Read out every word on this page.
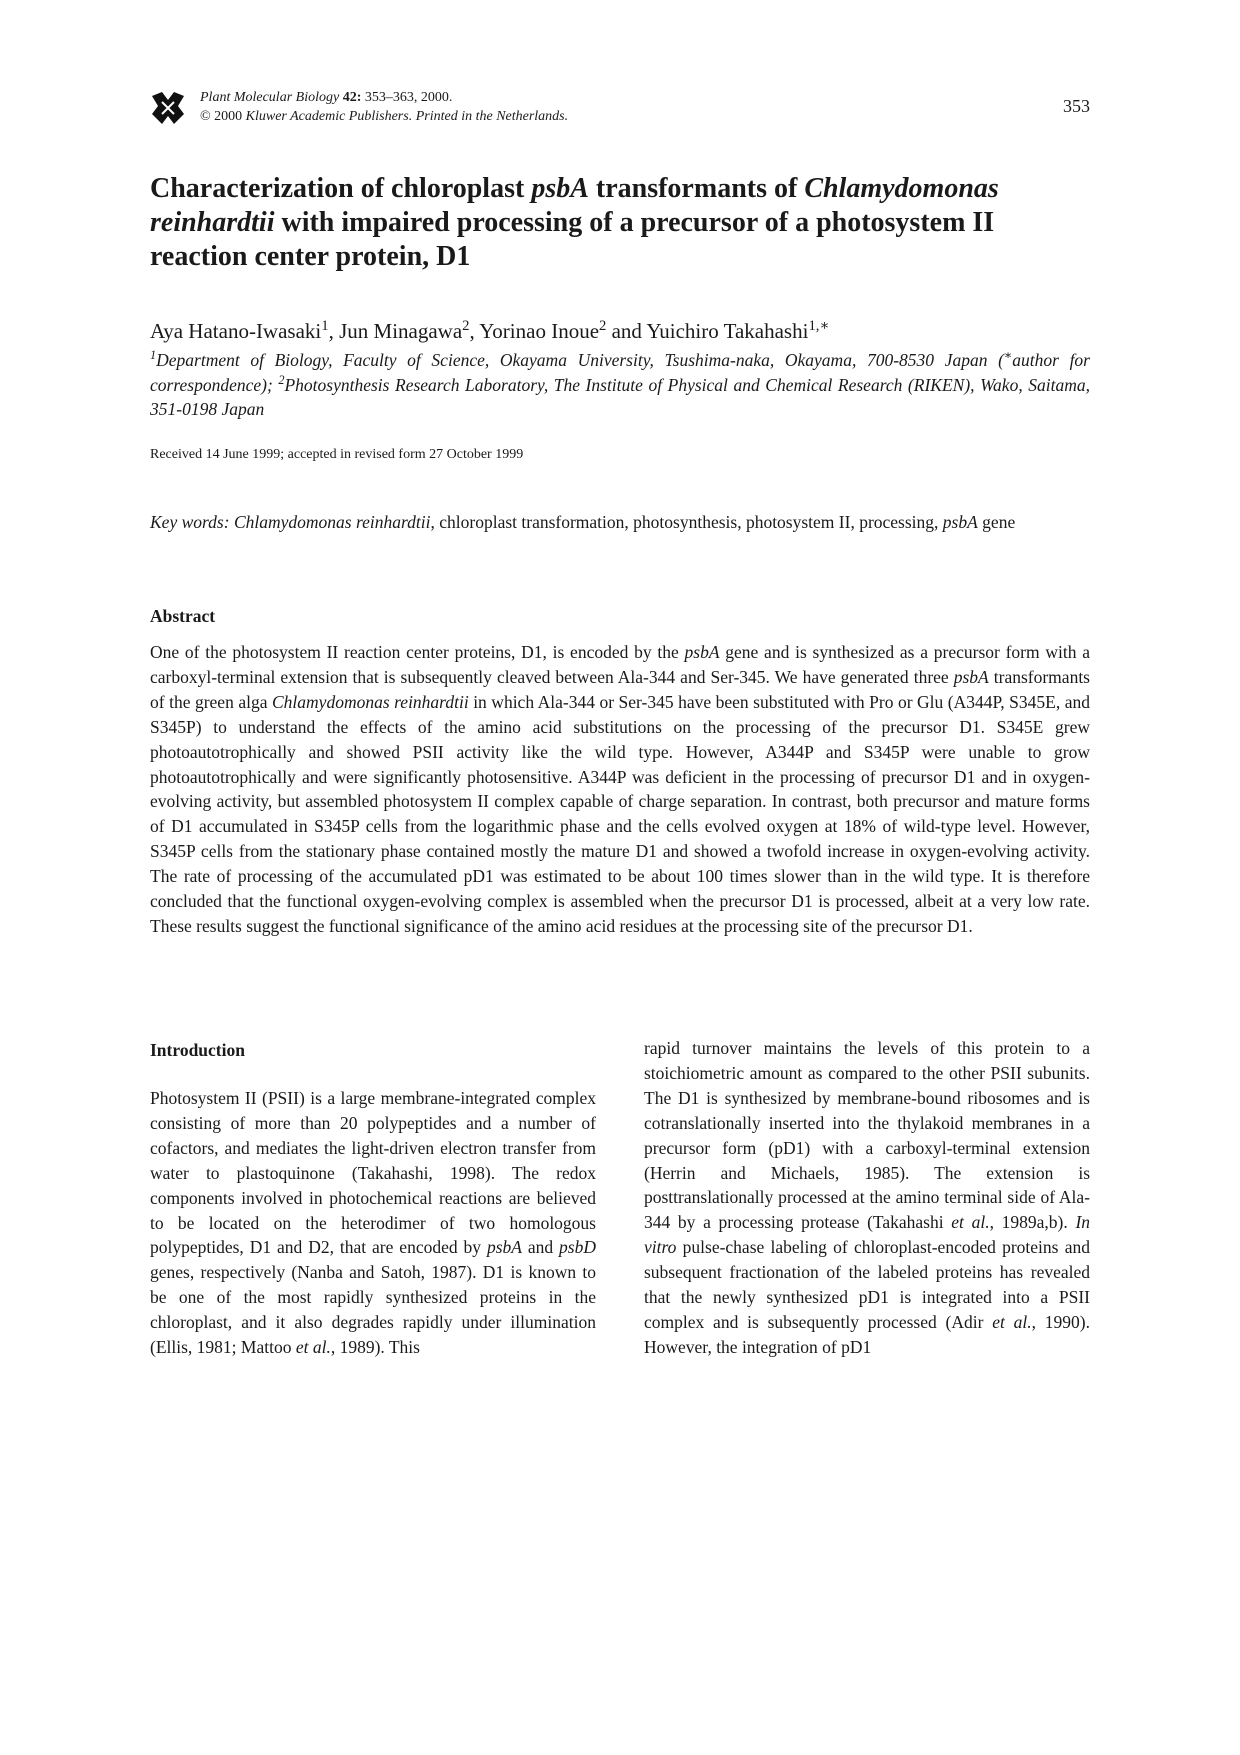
Plant Molecular Biology 42: 353–363, 2000.
© 2000 Kluwer Academic Publishers. Printed in the Netherlands.
353
Characterization of chloroplast psbA transformants of Chlamydomonas reinhardtii with impaired processing of a precursor of a photosystem II reaction center protein, D1
Aya Hatano-Iwasaki$^1$, Jun Minagawa$^2$, Yorinao Inoue$^2$ and Yuichiro Takahashi$^{1,∗}$
$^1$Department of Biology, Faculty of Science, Okayama University, Tsushima-naka, Okayama, 700-8530 Japan (∗author for correspondence); $^2$Photosynthesis Research Laboratory, The Institute of Physical and Chemical Research (RIKEN), Wako, Saitama, 351-0198 Japan
Received 14 June 1999; accepted in revised form 27 October 1999
Key words: Chlamydomonas reinhardtii, chloroplast transformation, photosynthesis, photosystem II, processing, psbA gene
Abstract

One of the photosystem II reaction center proteins, D1, is encoded by the psbA gene and is synthesized as a precursor form with a carboxyl-terminal extension that is subsequently cleaved between Ala-344 and Ser-345. We have generated three psbA transformants of the green alga Chlamydomonas reinhardtii in which Ala-344 or Ser-345 have been substituted with Pro or Glu (A344P, S345E, and S345P) to understand the effects of the amino acid substitutions on the processing of the precursor D1. S345E grew photoautotrophically and showed PSII activity like the wild type. However, A344P and S345P were unable to grow photoautotrophically and were significantly photosensitive. A344P was deficient in the processing of precursor D1 and in oxygen-evolving activity, but assembled photosystem II complex capable of charge separation. In contrast, both precursor and mature forms of D1 accumulated in S345P cells from the logarithmic phase and the cells evolved oxygen at 18% of wild-type level. However, S345P cells from the stationary phase contained mostly the mature D1 and showed a twofold increase in oxygen-evolving activity. The rate of processing of the accumulated pD1 was estimated to be about 100 times slower than in the wild type. It is therefore concluded that the functional oxygen-evolving complex is assembled when the precursor D1 is processed, albeit at a very low rate. These results suggest the functional significance of the amino acid residues at the processing site of the precursor D1.

Introduction

Photosystem II (PSII) is a large membrane-integrated complex consisting of more than 20 polypeptides and a number of cofactors, and mediates the light-driven electron transfer from water to plastoquinone (Takahashi, 1998). The redox components involved in photochemical reactions are believed to be located on the heterodimer of two homologous polypeptides, D1 and D2, that are encoded by psbA and psbD genes, respectively (Nanba and Satoh, 1987). D1 is known to be one of the most rapidly synthesized proteins in the chloroplast, and it also degrades rapidly under illumination (Ellis, 1981; Mattoo et al., 1989). This

rapid turnover maintains the levels of this protein to a stoichiometric amount as compared to the other PSII subunits. The D1 is synthesized by membrane-bound ribosomes and is cotranslationally inserted into the thylakoid membranes in a precursor form (pD1) with a carboxyl-terminal extension (Herrin and Michaels, 1985). The extension is posttranslationally processed at the amino terminal side of Ala-344 by a processing protease (Takahashi et al., 1989a,b). In vitro pulse-chase labeling of chloroplast-encoded proteins and subsequent fractionation of the labeled proteins has revealed that the newly synthesized pD1 is integrated into a PSII complex and is subsequently processed (Adir et al., 1990). However, the integration of pD1
